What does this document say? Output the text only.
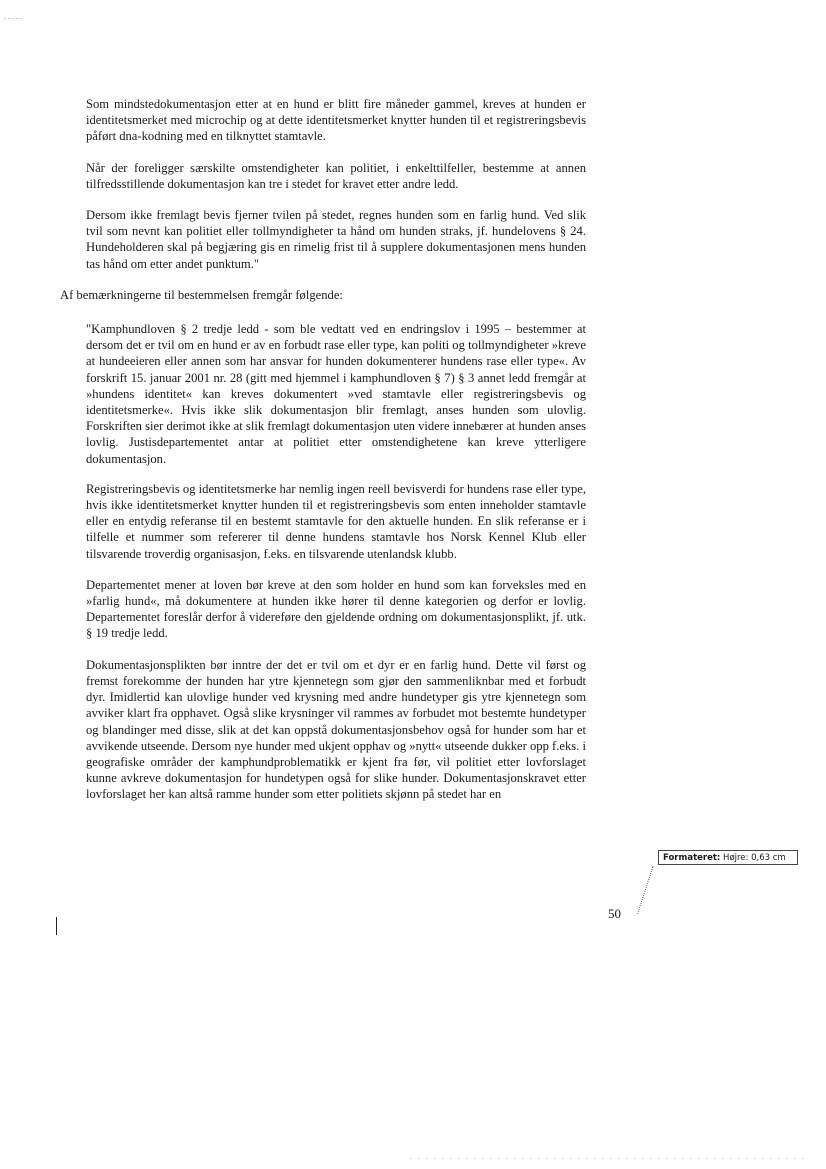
.....

Som mindstedokumentasjon etter at en hund er blitt fire måneder gammel, kreves at hunden er identitetsmerket med microchip og at dette identitetsmerket knytter hunden til et registreringsbevis påført dna-kodning med en tilknyttet stamtavle.

Når der foreligger særskilte omstendigheter kan politiet, i enkelttilfeller, bestemme at annen tilfredsstillende dokumentasjon kan tre i stedet for kravet etter andre ledd.

Dersom ikke fremlagt bevis fjerner tvilen på stedet, regnes hunden som en farlig hund. Ved slik tvil som nevnt kan politiet eller tollmyndigheter ta hånd om hunden straks, jf. hundelovens § 24. Hundeholderen skal på begjæring gis en rimelig frist til å supplere dokumentasjonen mens hunden tas hånd om etter andet punktum."

Af bemærkningerne til bestemmelsen fremgår følgende:

"Kamphundloven § 2 tredje ledd - som ble vedtatt ved en endringslov i 1995 – bestemmer at dersom det er tvil om en hund er av en forbudt rase eller type, kan politi og tollmyndigheter »kreve at hundeeieren eller annen som har ansvar for hunden dokumenterer hundens rase eller type«. Av forskrift 15. januar 2001 nr. 28 (gitt med hjemmel i kamphundloven § 7) § 3 annet ledd fremgår at »hundens identitet« kan kreves dokumentert »ved stamtavle eller registreringsbevis og identitetsmerke«. Hvis ikke slik dokumentasjon blir fremlagt, anses hunden som ulovlig. Forskriften sier derimot ikke at slik fremlagt dokumentasjon uten videre innebærer at hunden anses lovlig. Justisdepartementet antar at politiet etter omstendighetene kan kreve ytterligere dokumentasjon.

Registreringsbevis og identitetsmerke har nemlig ingen reell bevisverdi for hundens rase eller type, hvis ikke identitetsmerket knytter hunden til et registreringsbevis som enten inneholder stamtavle eller en entydig referanse til en bestemt stamtavle for den aktuelle hunden. En slik referanse er i tilfelle et nummer som refererer til denne hundens stamtavle hos Norsk Kennel Klub eller tilsvarende troverdig organisasjon, f.eks. en tilsvarende utenlandsk klubb.

Departementet mener at loven bør kreve at den som holder en hund som kan forveksles med en »farlig hund«, må dokumentere at hunden ikke hører til denne kategorien og derfor er lovlig. Departementet foreslår derfor å videreføre den gjeldende ordning om dokumentasjonsplikt, jf. utk. § 19 tredje ledd.

Dokumentasjonsplikten bør inntre der det er tvil om et dyr er en farlig hund. Dette vil først og fremst forekomme der hunden har ytre kjennetegn som gjør den sammenliknbar med et forbudt dyr. Imidlertid kan ulovlige hunder ved krysning med andre hundetyper gis ytre kjennetegn som avviker klart fra opphavet. Også slike krysninger vil rammes av forbudet mot bestemte hundetyper og blandinger med disse, slik at det kan oppstå dokumentasjonsbehov også for hunder som har et avvikende utseende. Dersom nye hunder med ukjent opphav og »nytt« utseende dukker opp f.eks. i geografiske områder der kamphundproblematikk er kjent fra før, vil politiet etter lovforslaget kunne avkreve dokumentasjon for hundetypen også for slike hunder. Dokumentasjonskravet etter lovforslaget her kan altså ramme hunder som etter politiets skjønn på stedet har en

Formateret: Højre: 0,63 cm
50
. . . . . . . . . . . . . . . . . . . . . . . . . . . . . . . . . . . . . . . . . . . . . . . . . .
